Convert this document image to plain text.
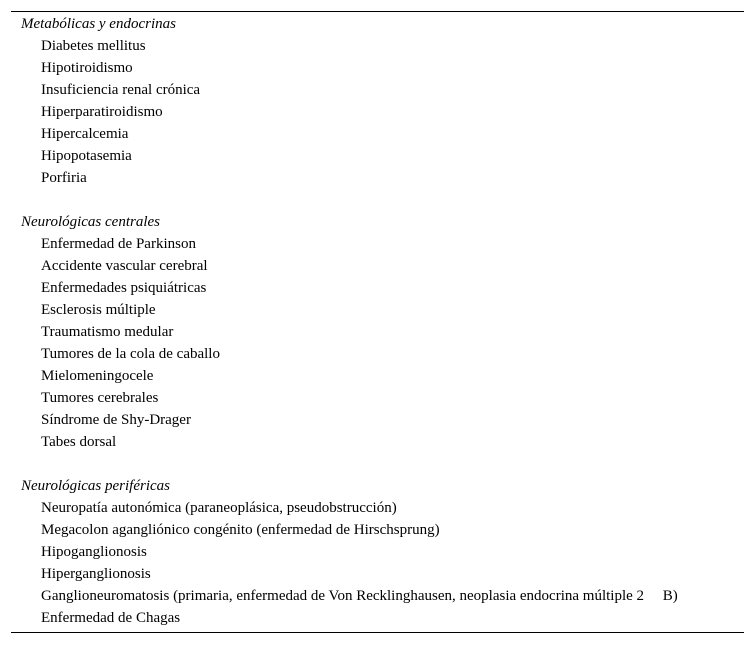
Metabólicas y endocrinas
Diabetes mellitus
Hipotiroidismo
Insuficiencia renal crónica
Hiperparatiroidismo
Hipercalcemia
Hipopotasemia
Porfiria
Neurológicas centrales
Enfermedad de Parkinson
Accidente vascular cerebral
Enfermedades psiquiátricas
Esclerosis múltiple
Traumatismo medular
Tumores de la cola de caballo
Mielomeningocele
Tumores cerebrales
Síndrome de Shy-Drager
Tabes dorsal
Neurológicas periféricas
Neuropatía autonómica (paraneoplásica, pseudobstrucción)
Megacolon agangliónico congénito (enfermedad de Hirschsprung)
Hipoganglionosis
Hiperganglionosis
Ganglioneuromatosis (primaria, enfermedad de Von Recklinghausen, neoplasia endocrina múltiple 2     B)
Enfermedad de Chagas
